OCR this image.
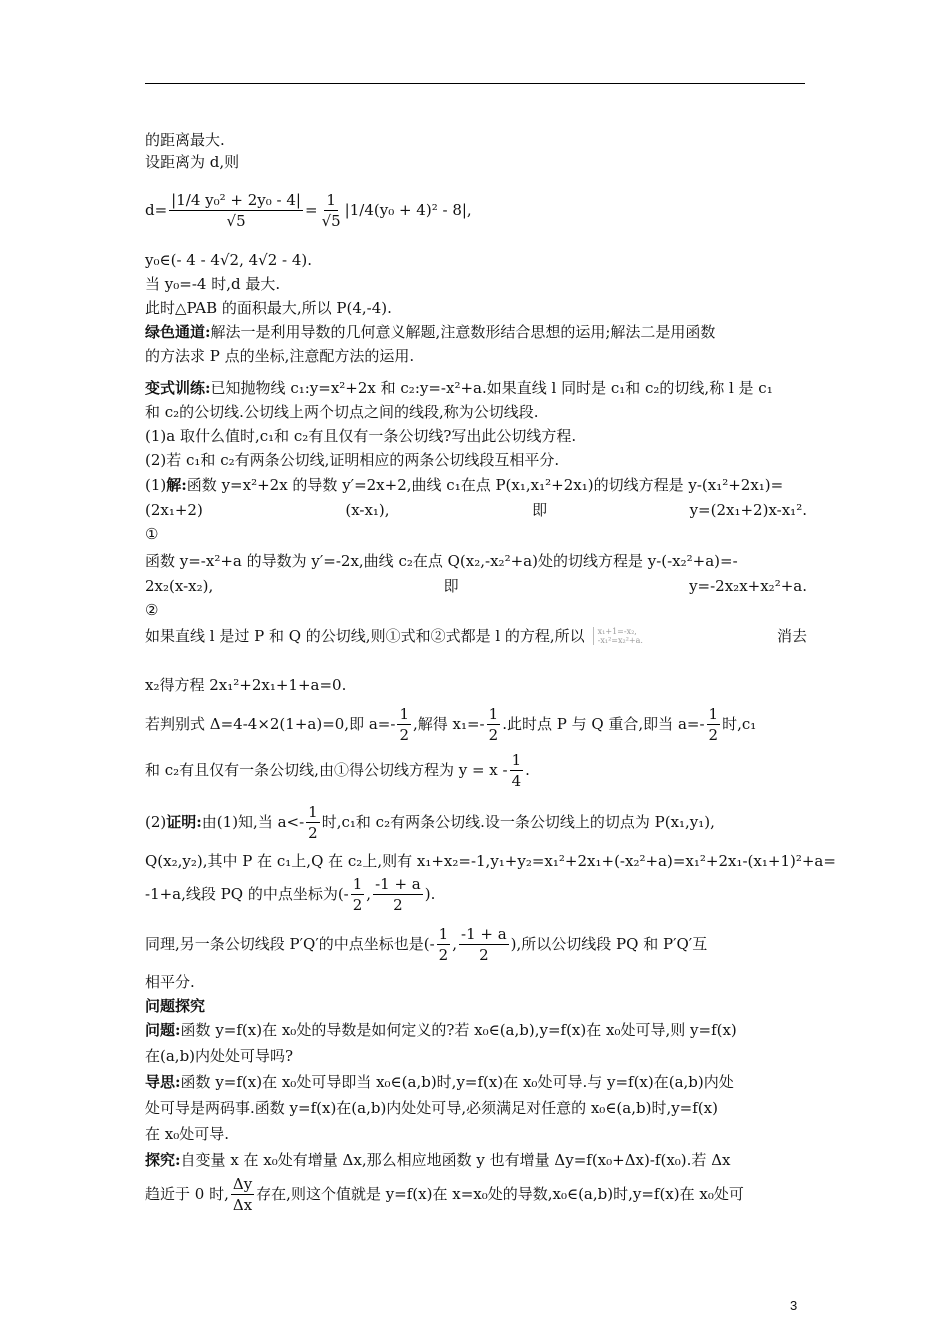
的距离最大.
设距离为 d,则
$d= \frac{\text{|1/4 y₀² + 2y₀ - 4|}}{√5} = \frac{1}{√5} |1/4(y_0 + 4)^2 - 8|$,
y₀∈(- 4 - 4√2, 4√2 - 4).
当 y₀=-4 时,d 最大.
此时△PAB 的面积最大,所以 P(4,-4).
绿色通道:解法一是利用导数的几何意义解题,注意数形结合思想的运用;解法二是用函数
的方法求 P 点的坐标,注意配方法的运用.
变式训练:已知抛物线 c₁:y=x²+2x 和 c₂:y=-x²+a.如果直线 l 同时是 c₁和 c₂的切线,称 l 是 c₁
和 c₂的公切线.公切线上两个切点之间的线段,称为公切线段.
(1)a 取什么值时,c₁和 c₂有且仅有一条公切线?写出此公切线方程.
(2)若 c₁和 c₂有两条公切线,证明相应的两条公切线段互相平分.
(1)解:函数 y=x²+2x 的导数 y′=2x+2,曲线 c₁在点 P(x₁,x₁²+2x₁)的切线方程是 y-(x₁²+2x₁)=
(2x₁+2)	(x-x₁),	即	y=(2x₁+2)x-x₁².
①
函数 y=-x²+a 的导数为 y′=-2x,曲线 c₂在点 Q(x₂,-x₂²+a)处的切线方程是 y-(-x₂²+a)=-
2x₂(x-x₂),	即	y=-2x₂x+x₂²+a.
②
如果直线 l 是过 P 和 Q 的公切线,则①式和②式都是 l 的方程,所以 x₁+1=-x₂,
-x₁²=x₂²+a.	消去
x₂得方程 2x₁²+2x₁+1+a=0.
若判别式 Δ=4-4×2(1+a)=0,即 $a=- \frac{1}{2}$ ,解得 $x_1=- \frac{1}{2}$ .此时点 P 与 Q 重合,即当 $a=- \frac{1}{2}$ 时,c₁
和 c₂有且仅有一条公切线,由①得公切线方程为 $y = x - \frac{1}{4}$ .
(2) 证明: 由(1)知,当 $a<- \frac{1}{2}$ 时,c₁和 c₂有两条公切线.设一条公切线上的切点为 P(x₁,y₁),
Q(x₂,y₂),其中 P 在 c₁上,Q 在 c₂上,则有 x₁+x₂=-1,y₁+y₂=x₁²+2x₁+(-x₂²+a)=x₁²+2x₁-(x₁+1)²+a=
-1+a,线段 PQ 的中点坐标为(- $\frac{1}{2}$ , $\frac{-1 + a}{2}$ ).
同理,另一条公切线段 P′Q′的中点坐标也是(- $\frac{1}{2}$ , $\frac{-1 + a}{2}$ ),所以公切线段 PQ 和 P′Q′互
相平分.
问题探究
问题:函数 y=f(x)在 x₀处的导数是如何定义的?若 x₀∈(a,b),y=f(x)在 x₀处可导,则 y=f(x)
在(a,b)内处处可导吗?
导思:函数 y=f(x)在 x₀处可导即当 x₀∈(a,b)时,y=f(x)在 x₀处可导.与 y=f(x)在(a,b)内处
处可导是两码事.函数 y=f(x)在(a,b)内处处可导,必须满足对任意的 x₀∈(a,b)时,y=f(x)
在 x₀处可导.
探究:自变量 x 在 x₀处有增量 Δx,那么相应地函数 y 也有增量 Δy=f(x₀+Δx)-f(x₀).若 Δx
趋近于 0 时, $\frac{\Delta y}{\Delta x}$ 存在,则这个值就是 y=f(x)在 x=x₀处的导数,x₀∈(a,b)时,y=f(x)在 x₀处可
3
